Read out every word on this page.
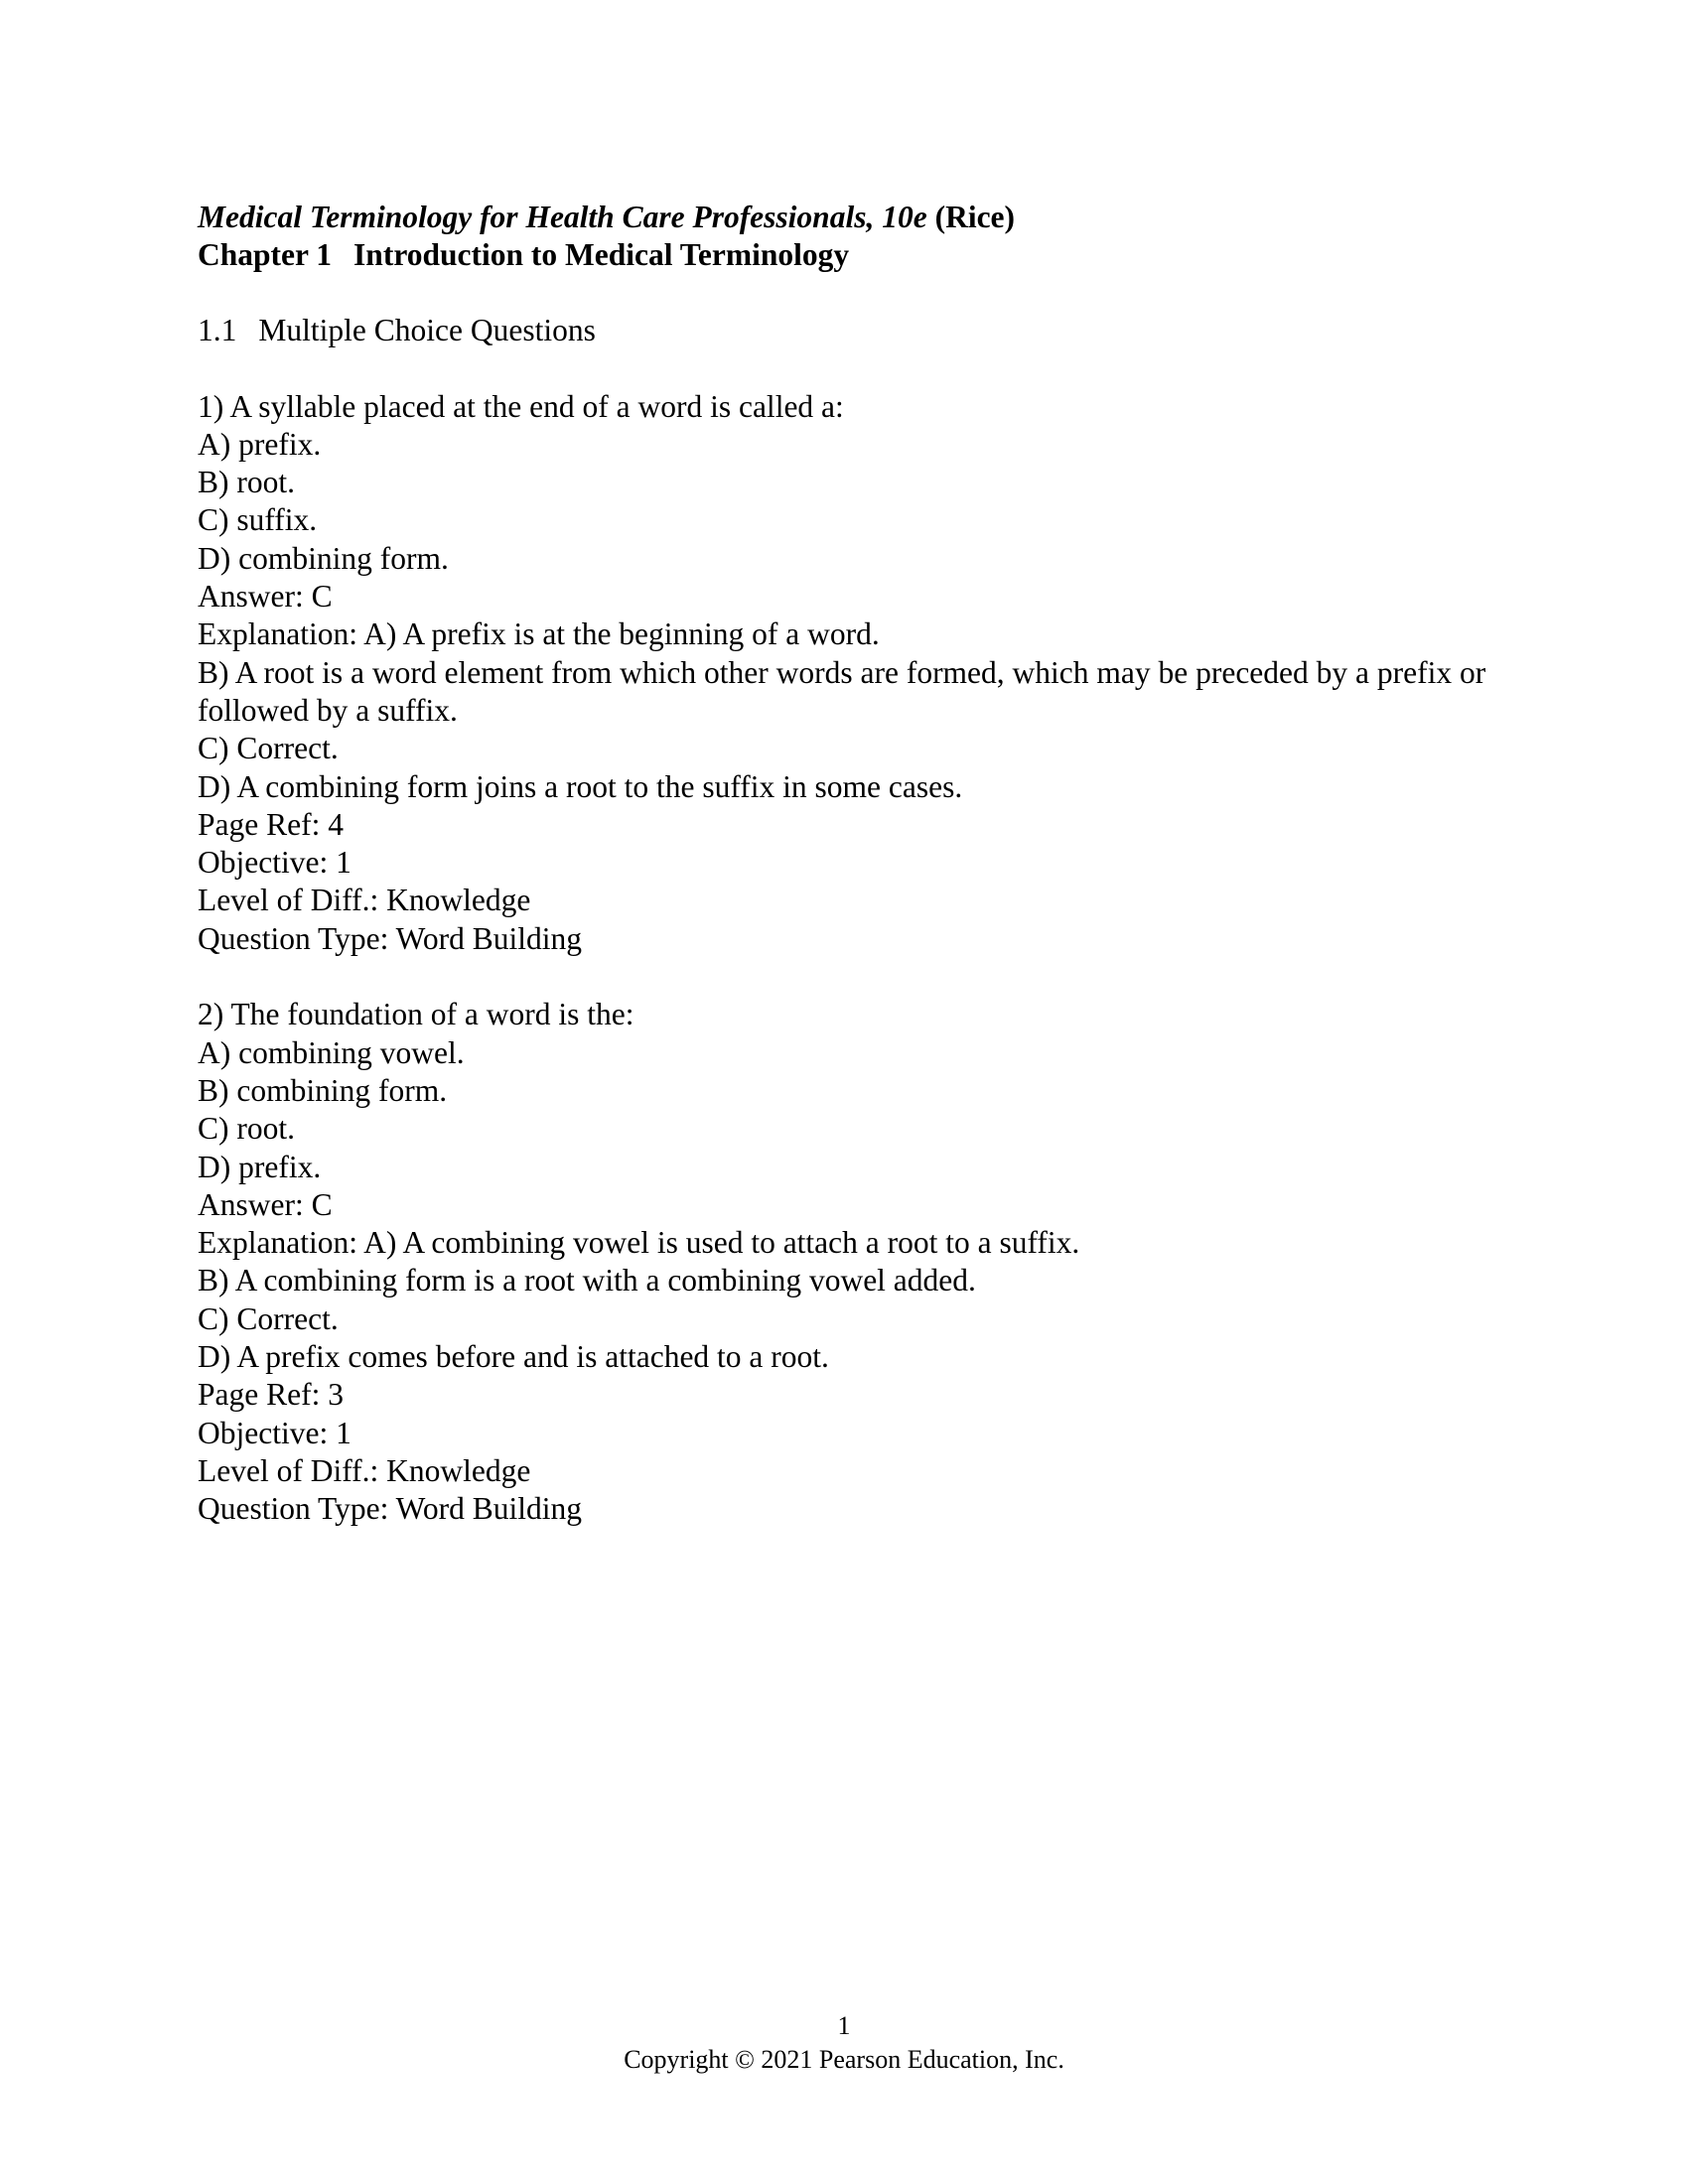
Medical Terminology for Health Care Professionals, 10e (Rice)
Chapter 1 Introduction to Medical Terminology
1.1 Multiple Choice Questions
1) A syllable placed at the end of a word is called a:
A) prefix.
B) root.
C) suffix.
D) combining form.
Answer: C
Explanation: A) A prefix is at the beginning of a word.
B) A root is a word element from which other words are formed, which may be preceded by a prefix or followed by a suffix.
C) Correct.
D) A combining form joins a root to the suffix in some cases.
Page Ref: 4
Objective: 1
Level of Diff.: Knowledge
Question Type: Word Building
2) The foundation of a word is the:
A) combining vowel.
B) combining form.
C) root.
D) prefix.
Answer: C
Explanation: A) A combining vowel is used to attach a root to a suffix.
B) A combining form is a root with a combining vowel added.
C) Correct.
D) A prefix comes before and is attached to a root.
Page Ref: 3
Objective: 1
Level of Diff.: Knowledge
Question Type: Word Building
1
Copyright © 2021 Pearson Education, Inc.
